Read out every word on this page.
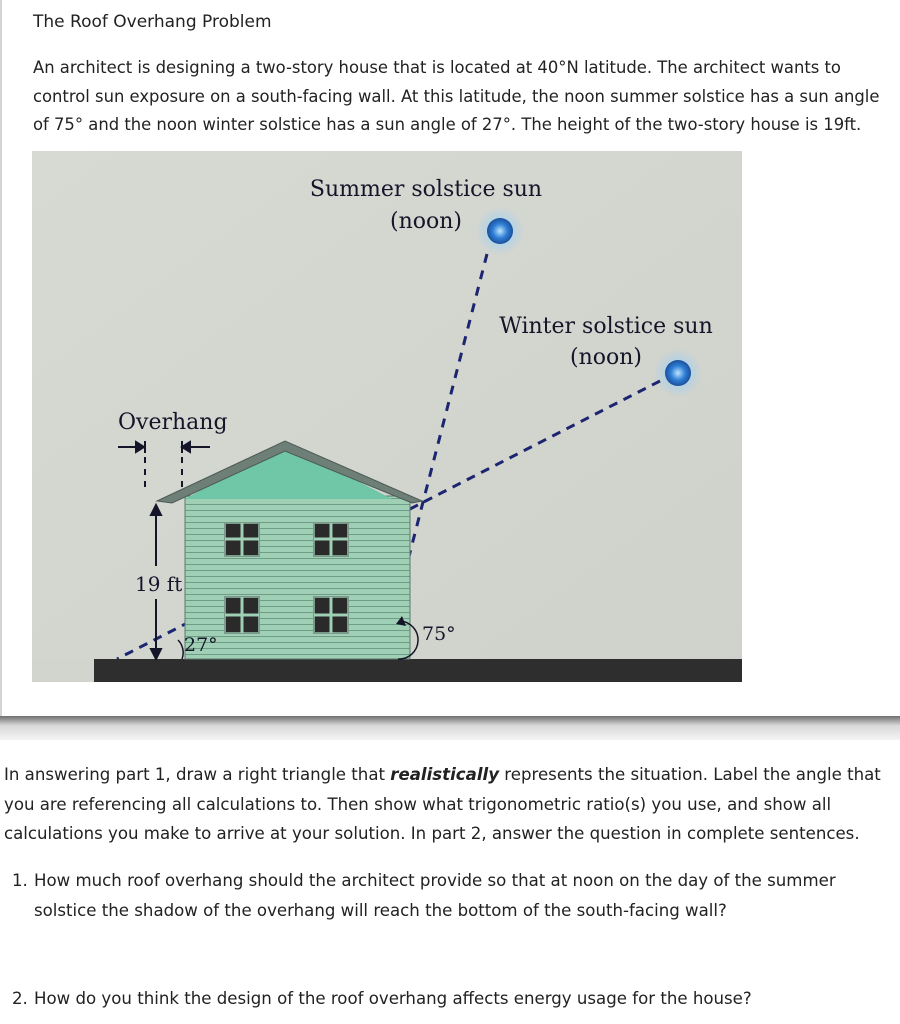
The Roof Overhang Problem
An architect is designing a two-story house that is located at 40°N latitude. The architect wants to control sun exposure on a south-facing wall. At this latitude, the noon summer solstice has a sun angle of 75° and the noon winter solstice has a sun angle of 27°. The height of the two-story house is 19ft.
Summer solstice sun
(noon)
Winter solstice sun
(noon)
Overhang
19 ft
27°	75°
In answering part 1, draw a right triangle that realistically represents the situation. Label the angle that you are referencing all calculations to. Then show what trigonometric ratio(s) you use, and show all calculations you make to arrive at your solution. In part 2, answer the question in complete sentences.
1. How much roof overhang should the architect provide so that at noon on the day of the summer solstice the shadow of the overhang will reach the bottom of the south-facing wall?
2. How do you think the design of the roof overhang affects energy usage for the house?
